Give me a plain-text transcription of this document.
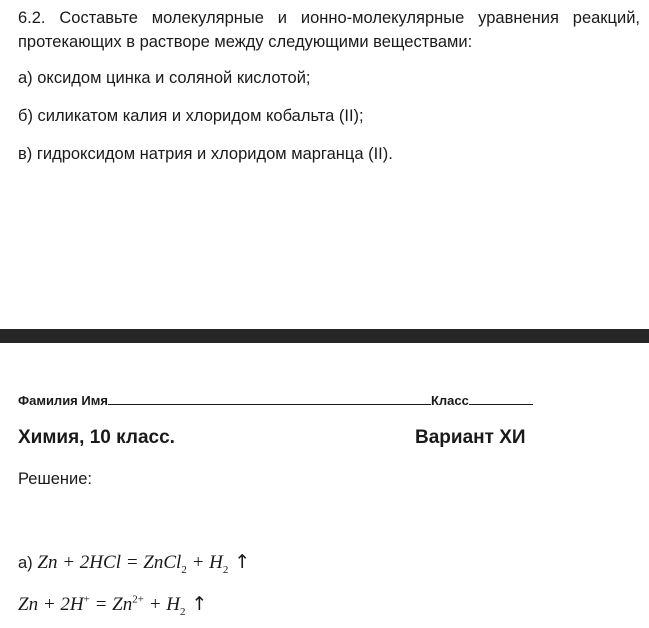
6.2. Составьте молекулярные и ионно-молекулярные уравнения реакций, протекающих в растворе между следующими веществами:

а) оксидом цинка и соляной кислотой;

б) силикатом калия и хлоридом кобальта (II);

в) гидроксидом натрия и хлоридом марганца (II).

Фамилия Имя	Класс
Химия, 10 класс.	Вариант ХИ
Решение:
а) Zn + 2HCl = ZnCl$_2$ + $H_2$ ↑
$Zn + 2H^+ = Zn^{2+} + H_2$ ↑
